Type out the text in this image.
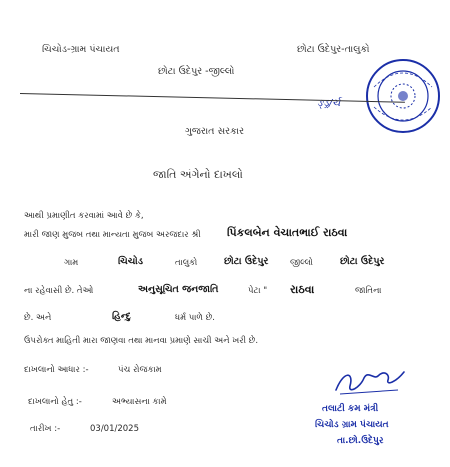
ચિચોડ-ગ્રામ પંચાયત	છોટા ઉદેપુર-તાલુકો
છોટા ઉદેપુર -જીલ્લો
ઙ્ડ્ર/ર્ચ
ગુજરાત સરકાર
જાતિ અંગેનો દાખલો
આથી પ્રમાણીત કરવામાં આવે છે કે,
મારી જાણ મુજબ તથા માન્યતા મુજબ અરજદાર શ્રી પિંકલબેન વેચાતભાઈ રાઠવા
ગામ	ચિચોડ	તાલુકો	છોટા ઉદેપુર	જીલ્લો	છોટા ઉદેપુર
ના રહેવાસી છે. તેઓ	અનુસૂચિત જનજાતિ	પેટા " રાઠવા	જાતિના
છે. અને	હિન્દુ	ધર્મ પાળે છે.
ઉપરોક્ત માહિતી મારા જાણવા તથા માનવા પ્રમાણે સાચી અને ખરી છે.
દાખલાનો આધાર :-	પંચ રોજકામ
દાખલાનો હેતુ :-	અભ્યાસના કામે
તારીખ :-	03/01/2025
તલાટી કમ મંત્રી
ચિચોડ ગ્રામ પંચાયત
તા.છો.ઉદેપુર
